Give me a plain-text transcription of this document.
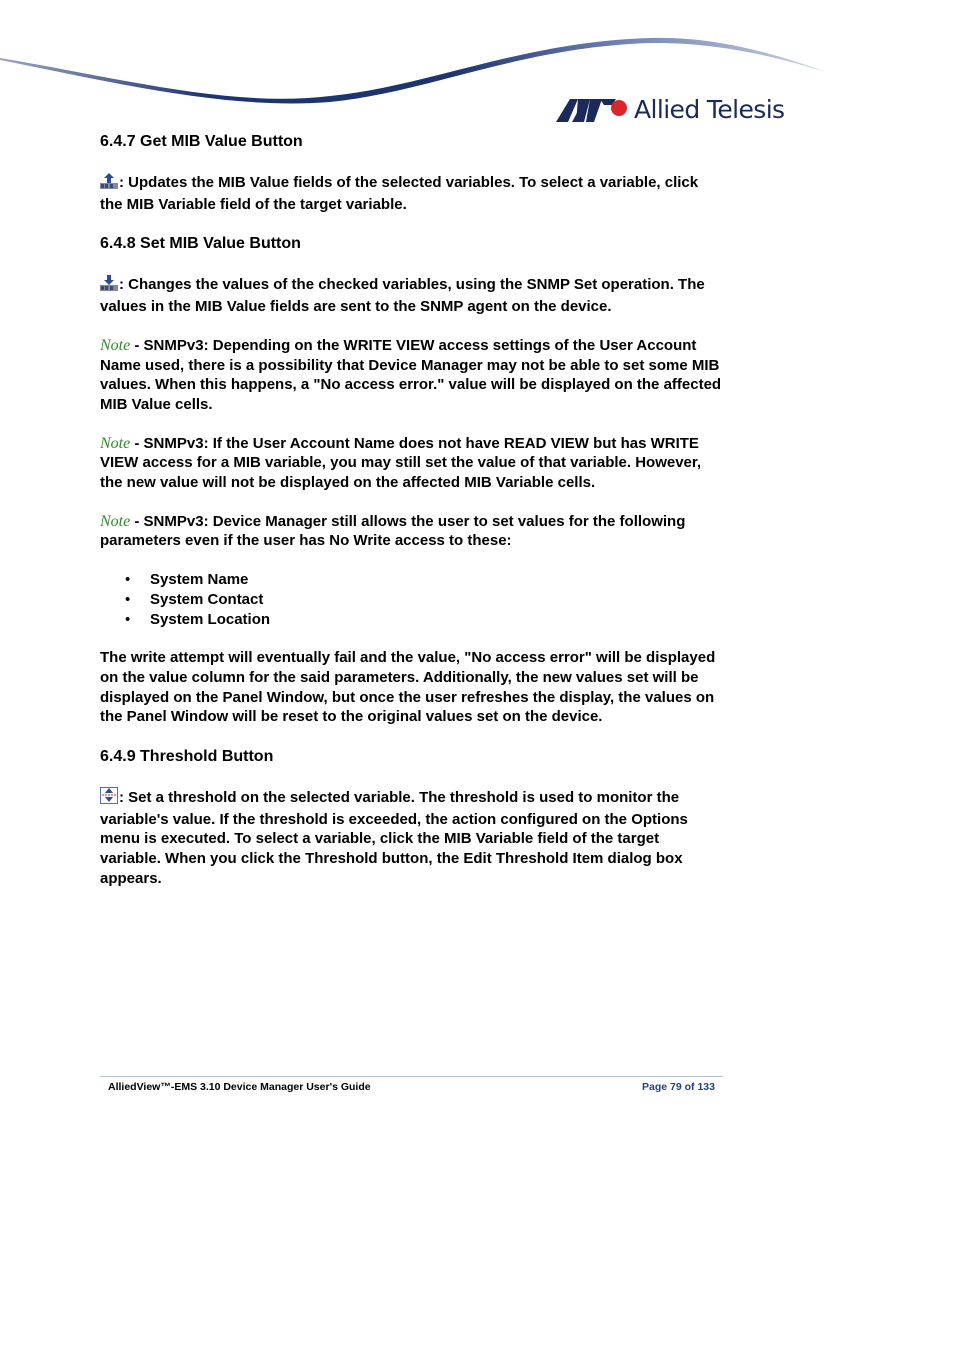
Allied Telesis
6.4.7 Get MIB Value Button

: Updates the MIB Value fields of the selected variables. To select a variable, click the MIB Variable field of the target variable.

6.4.8 Set MIB Value Button

: Changes the values of the checked variables, using the SNMP Set operation. The values in the MIB Value fields are sent to the SNMP agent on the device.

Note - SNMPv3: Depending on the WRITE VIEW access settings of the User Account Name used, there is a possibility that Device Manager may not be able to set some MIB values. When this happens, a "No access error." value will be displayed on the affected MIB Value cells.

Note - SNMPv3: If the User Account Name does not have READ VIEW but has WRITE VIEW access for a MIB variable, you may still set the value of that variable. However, the new value will not be displayed on the affected MIB Variable cells.

Note - SNMPv3: Device Manager still allows the user to set values for the following parameters even if the user has No Write access to these:

• System Name
• System Contact
• System Location

The write attempt will eventually fail and the value, "No access error" will be displayed on the value column for the said parameters. Additionally, the new values set will be displayed on the Panel Window, but once the user refreshes the display, the values on the Panel Window will be reset to the original values set on the device.

6.4.9 Threshold Button

: Set a threshold on the selected variable. The threshold is used to monitor the variable's value. If the threshold is exceeded, the action configured on the Options menu is executed. To select a variable, click the MIB Variable field of the target variable. When you click the Threshold button, the Edit Threshold Item dialog box appears.

AlliedView™-EMS 3.10 Device Manager User's Guide	Page 79 of 133
